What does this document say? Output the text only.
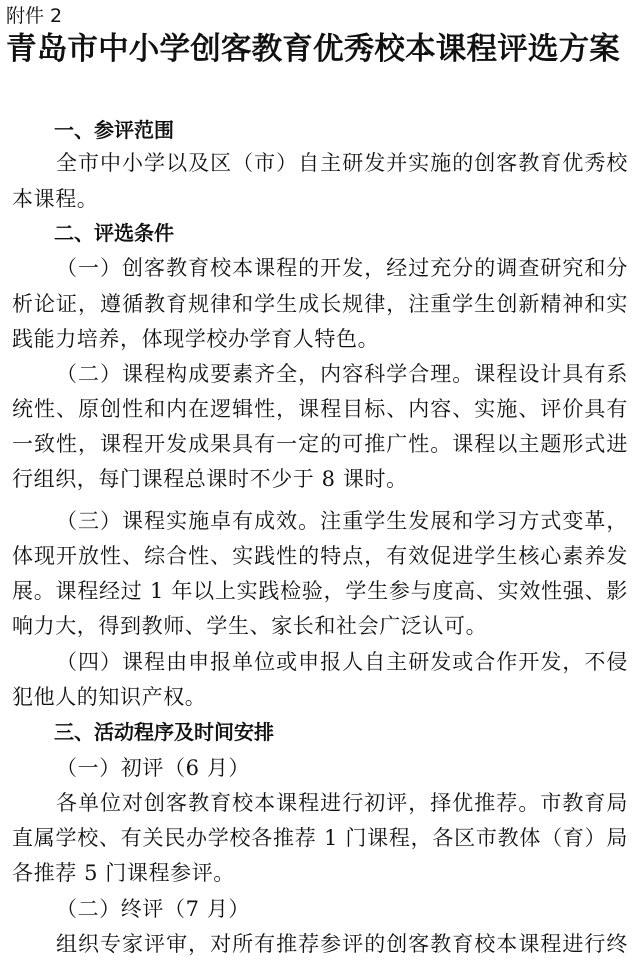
附件 2
青岛市中小学创客教育优秀校本课程评选方案
一、参评范围
全市中小学以及区（市）自主研发并实施的创客教育优秀校
本课程。
二、评选条件
（一）创客教育校本课程的开发，经过充分的调查研究和分
析论证，遵循教育规律和学生成长规律，注重学生创新精神和实
践能力培养，体现学校办学育人特色。
（二）课程构成要素齐全，内容科学合理。课程设计具有系
统性、原创性和内在逻辑性，课程目标、内容、实施、评价具有
一致性，课程开发成果具有一定的可推广性。课程以主题形式进
行组织，每门课程总课时不少于 8 课时。
（三）课程实施卓有成效。注重学生发展和学习方式变革，
体现开放性、综合性、实践性的特点，有效促进学生核心素养发
展。课程经过 1 年以上实践检验，学生参与度高、实效性强、影
响力大，得到教师、学生、家长和社会广泛认可。
（四）课程由申报单位或申报人自主研发或合作开发，不侵
犯他人的知识产权。
三、活动程序及时间安排
（一）初评（6 月）
各单位对创客教育校本课程进行初评，择优推荐。市教育局
直属学校、有关民办学校各推荐 1 门课程，各区市教体（育）局
各推荐 5 门课程参评。
（二）终评（7 月）
组织专家评审，对所有推荐参评的创客教育校本课程进行终
